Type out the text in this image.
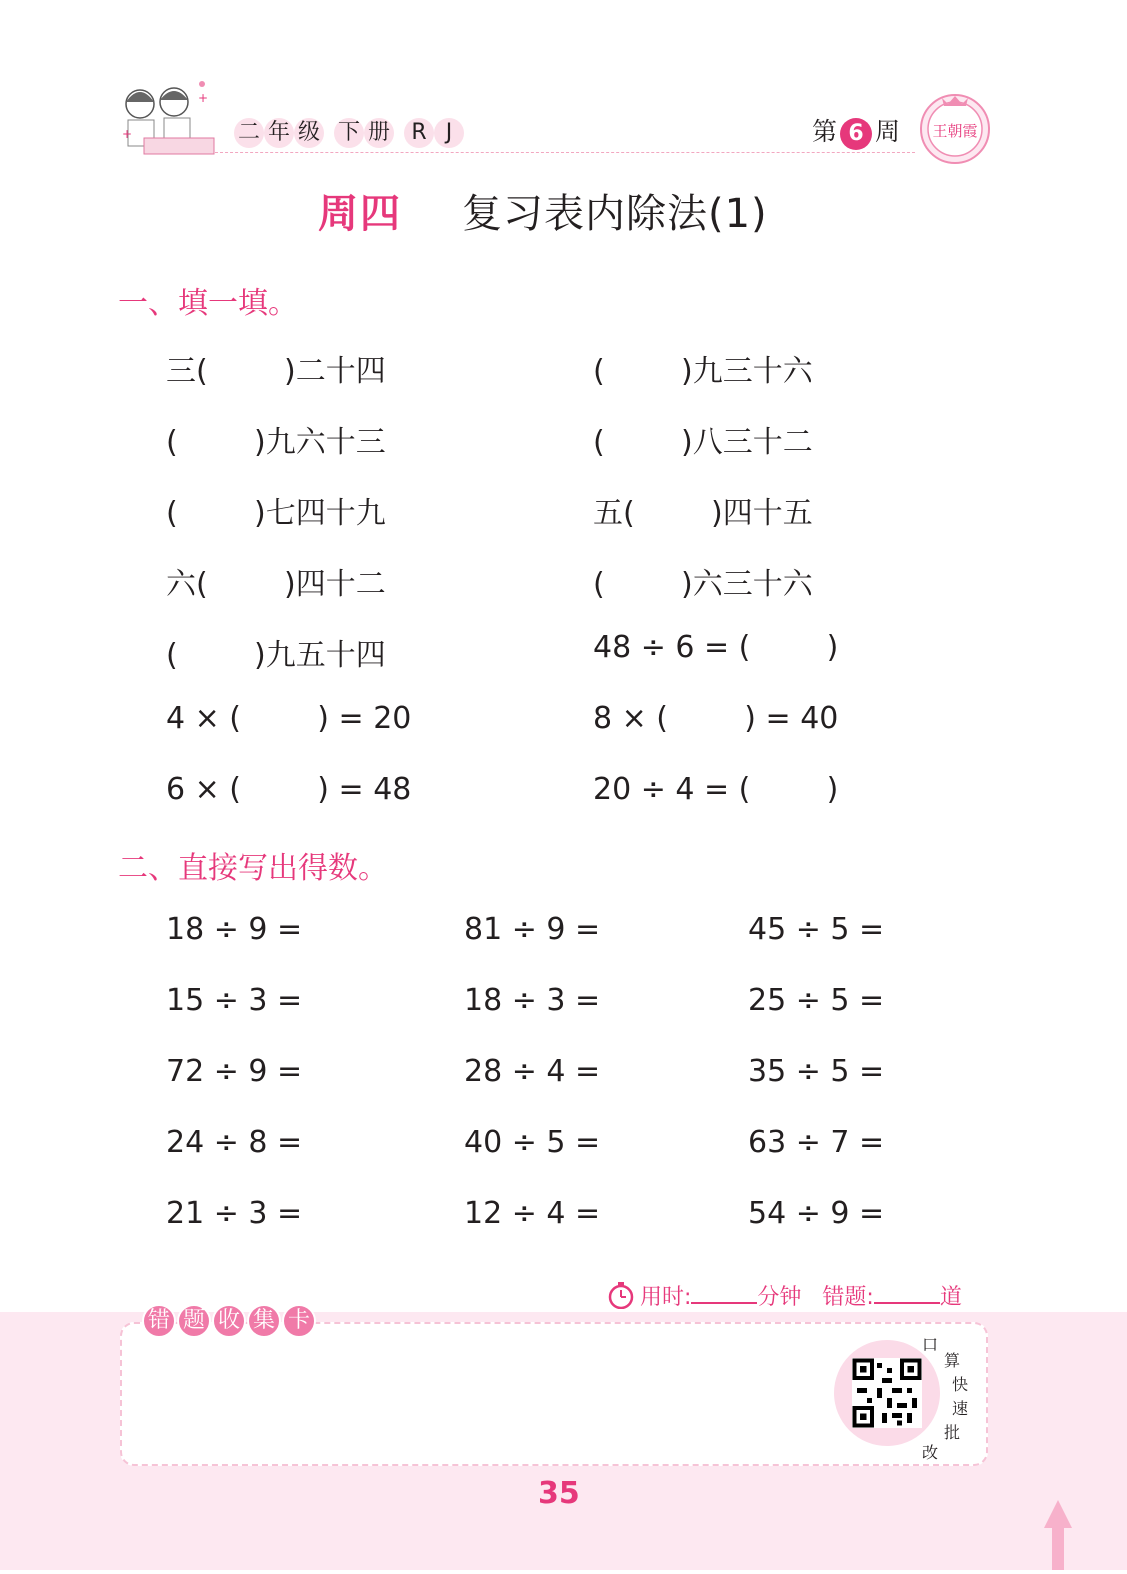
+
+
二 年 级 下 册 R J	第 6 周 王朝霞
周四 复习表内除法(1)
一、填一填。
三(        )二十四	(        )九三十六
(        )九六十三	(        )八三十二
(        )七四十九	五(        )四十五
六(        )四十二	(        )六三十六
(        )九五十四	48 ÷ 6 = (        )
4 × (        ) = 20	8 × (        ) = 40
6 × (        ) = 48	20 ÷ 4 = (        )
二、直接写出得数。
18 ÷ 9 =	81 ÷ 9 =	45 ÷ 5 =
15 ÷ 3 =	18 ÷ 3 =	25 ÷ 5 =
72 ÷ 9 =	28 ÷ 4 =	35 ÷ 5 =
24 ÷ 8 =	40 ÷ 5 =	63 ÷ 7 =
21 ÷ 3 =	12 ÷ 4 =	54 ÷ 9 =
用时:	分钟 错题:	道
错 题 收 集 卡
口
算
快
速
批
改
35
